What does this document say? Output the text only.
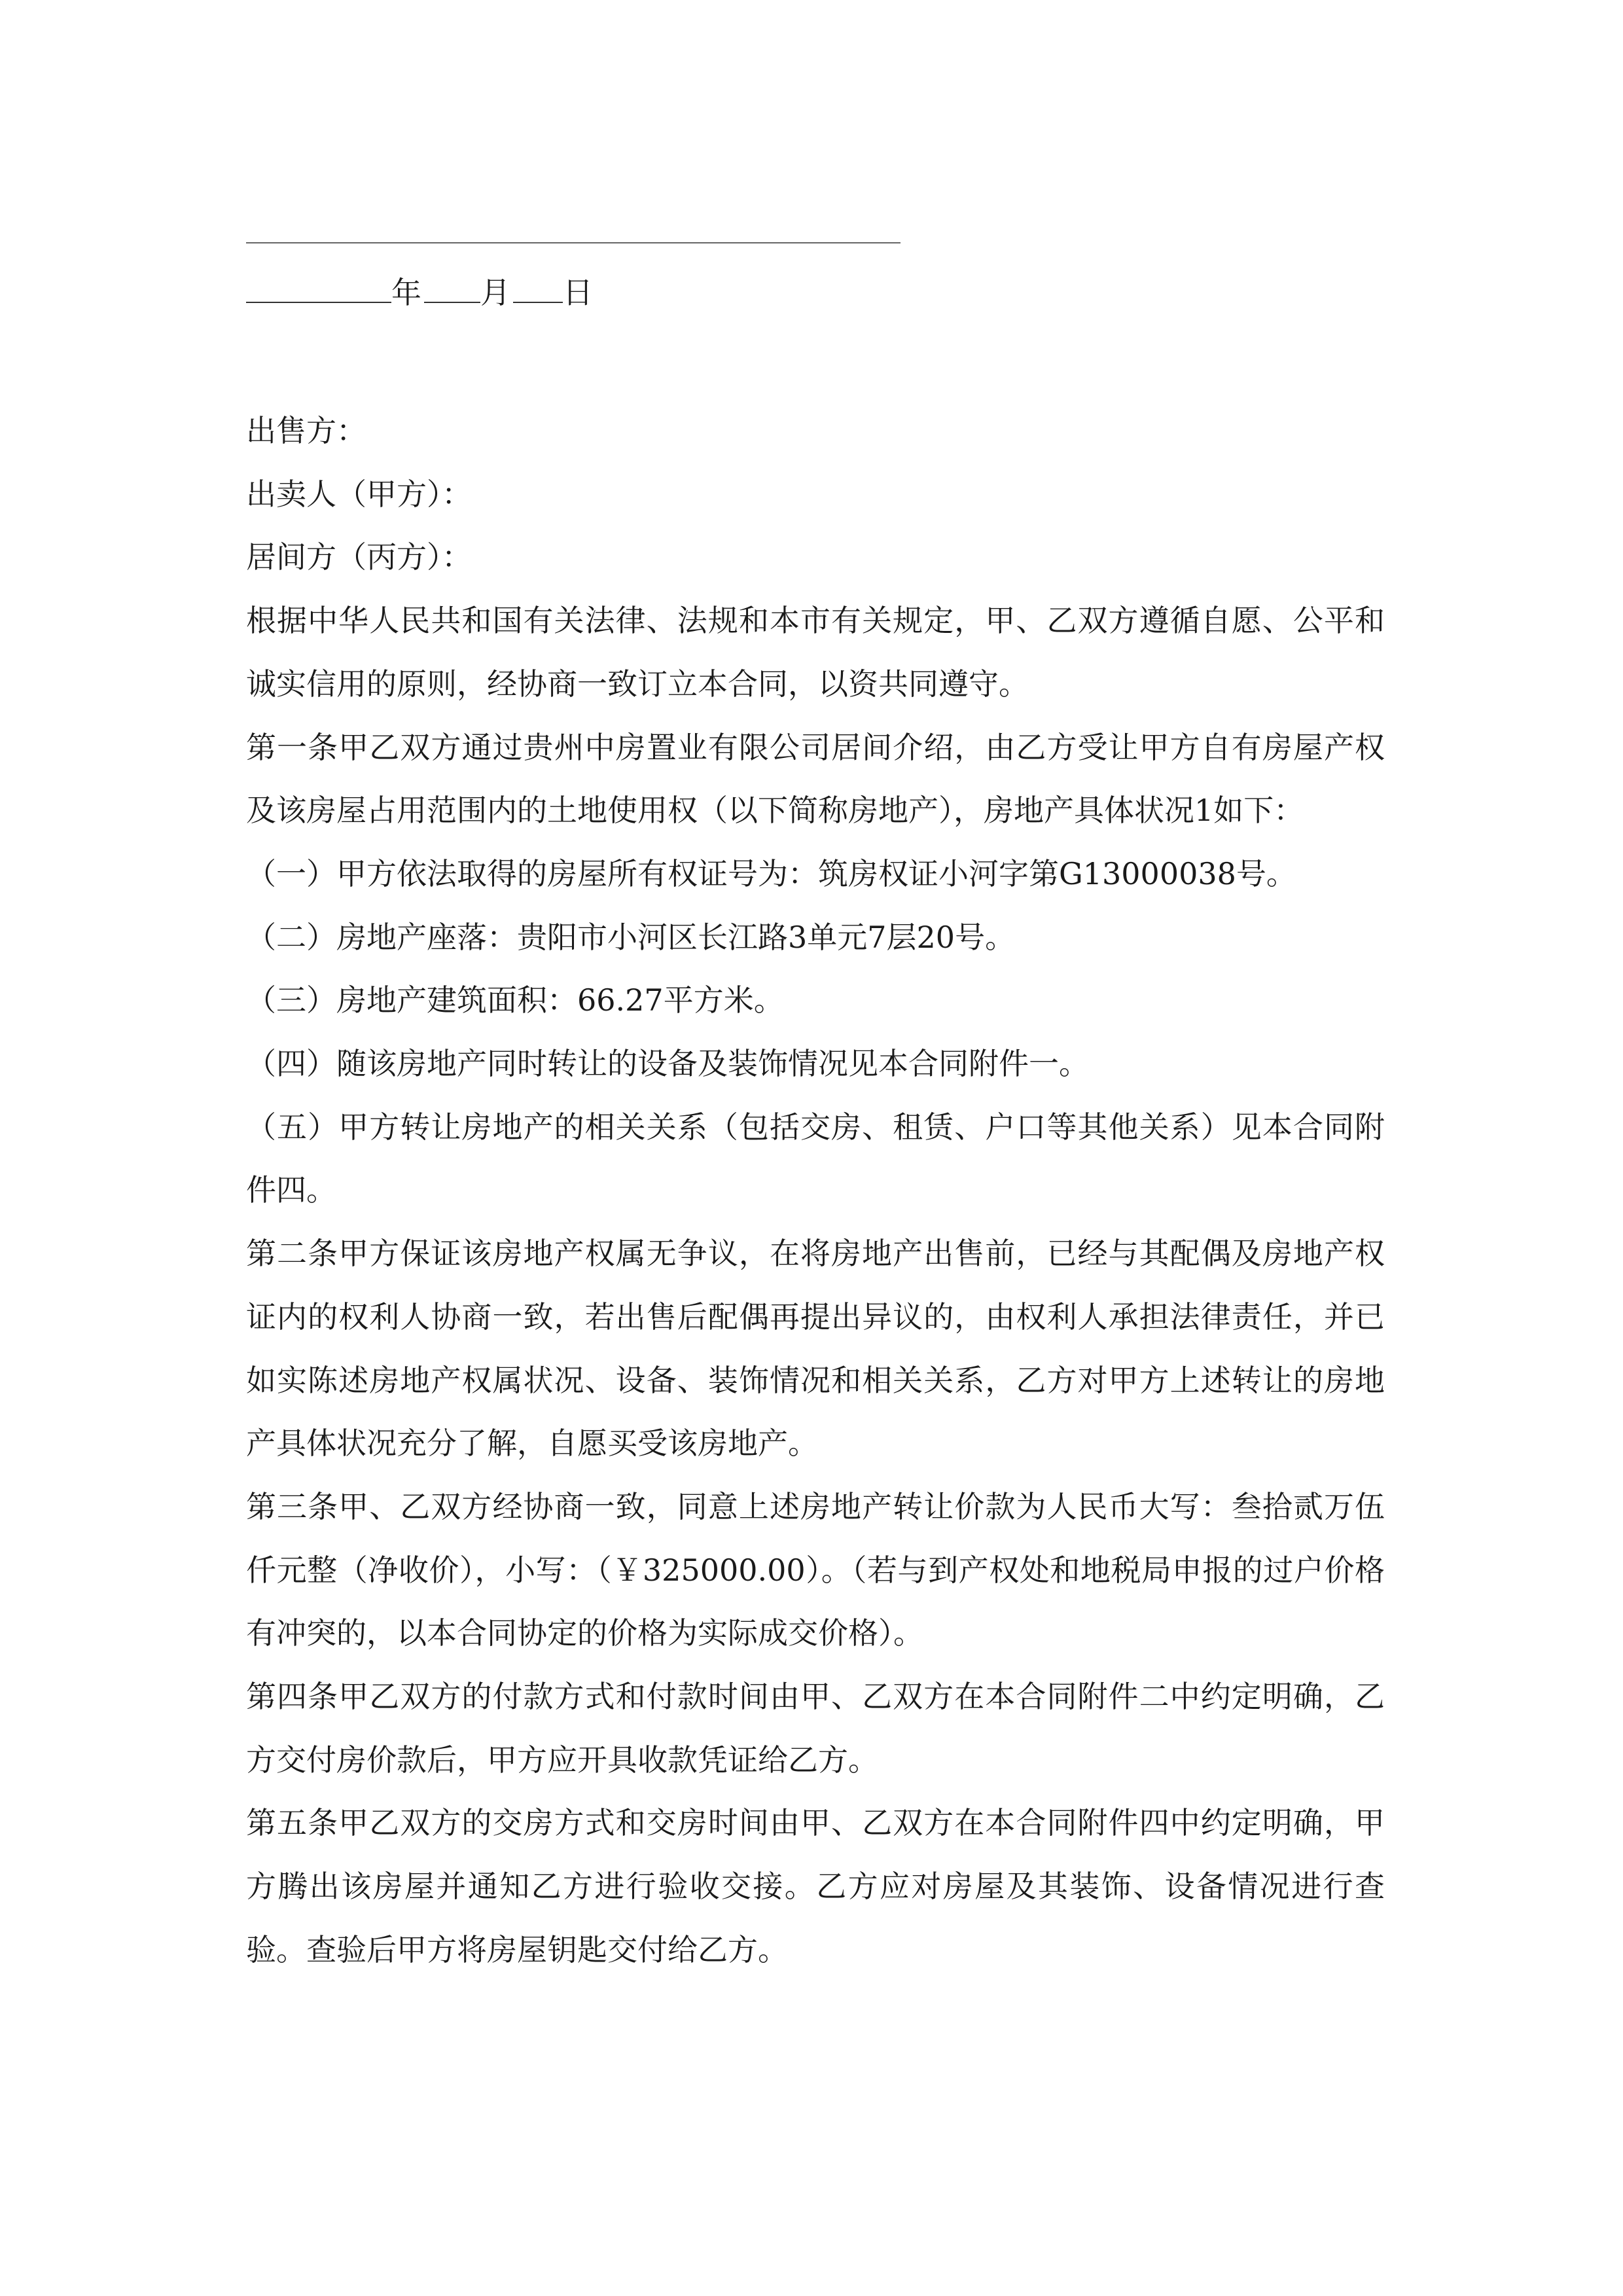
年 月 日

出售方：

出卖人（甲方）：

居间方（丙方）：

根据中华人民共和国有关法律、法规和本市有关规定，甲、乙双方遵循自愿、公平和诚实信用的原则，经协商一致订立本合同，以资共同遵守。

第一条甲乙双方通过贵州中房置业有限公司居间介绍，由乙方受让甲方自有房屋产权及该房屋占用范围内的土地使用权（以下简称房地产），房地产具体状况1如下：

（一）甲方依法取得的房屋所有权证号为：筑房权证小河字第G13000038号。

（二）房地产座落：贵阳市小河区长江路3单元7层20号。

（三）房地产建筑面积：66.27平方米。

（四）随该房地产同时转让的设备及装饰情况见本合同附件一。

（五）甲方转让房地产的相关关系（包括交房、租赁、户口等其他关系）见本合同附件四。

第二条甲方保证该房地产权属无争议，在将房地产出售前，已经与其配偶及房地产权证内的权利人协商一致，若出售后配偶再提出异议的，由权利人承担法律责任，并已如实陈述房地产权属状况、设备、装饰情况和相关关系，乙方对甲方上述转让的房地产具体状况充分了解，自愿买受该房地产。

第三条甲、乙双方经协商一致，同意上述房地产转让价款为人民币大写：叁拾贰万伍仟元整（净收价），小写：（￥325000.00）。（若与到产权处和地税局申报的过户价格有冲突的，以本合同协定的价格为实际成交价格）。

第四条甲乙双方的付款方式和付款时间由甲、乙双方在本合同附件二中约定明确，乙方交付房价款后，甲方应开具收款凭证给乙方。

第五条甲乙双方的交房方式和交房时间由甲、乙双方在本合同附件四中约定明确，甲方腾出该房屋并通知乙方进行验收交接。乙方应对房屋及其装饰、设备情况进行查验。查验后甲方将房屋钥匙交付给乙方。
